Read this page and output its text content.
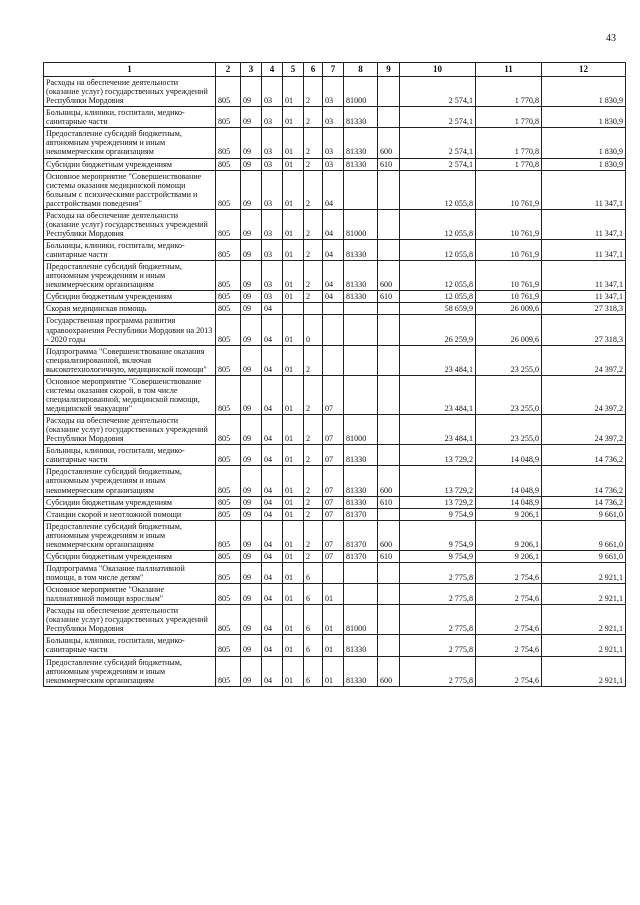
43
1	2	3	4	5	6	7	8	9	10	11	12
Расходы на обеспечение деятельности (оказание услуг) государственных учреждений Республики Мордовия	805	09	03	01	2	03	81000		2 574,1	1 770,8	1 830,9
Больницы, клиники, госпитали, медико-санитарные части	805	09	03	01	2	03	81330		2 574,1	1 770,8	1 830,9
Предоставление субсидий бюджетным, автономным учреждениям и иным некоммерческим организациям	805	09	03	01	2	03	81330	600	2 574,1	1 770,8	1 830,9
Субсидии бюджетным учреждениям	805	09	03	01	2	03	81330	610	2 574,1	1 770,8	1 830,9
Основное мероприятие "Совершенствование системы оказания медицинской помощи больным с психическими расстройствами и расстройствами поведения"	805	09	03	01	2	04			12 055,8	10 761,9	11 347,1
Расходы на обеспечение деятельности (оказание услуг) государственных учреждений Республики Мордовия	805	09	03	01	2	04	81000		12 055,8	10 761,9	11 347,1
Больницы, клиники, госпитали, медико-санитарные части	805	09	03	01	2	04	81330		12 055,8	10 761,9	11 347,1
Предоставление субсидий бюджетным, автономным учреждениям и иным некоммерческим организациям	805	09	03	01	2	04	81330	600	12 055,8	10 761,9	11 347,1
Субсидии бюджетным учреждениям	805	09	03	01	2	04	81330	610	12 055,8	10 761,9	11 347,1
Скорая медицинская помощь	805	09	04						58 659,9	26 009,6	27 318,3
Государственная программа развития здравоохранения Республики Мордовия на 2013 - 2020 годы	805	09	04	01	0				26 259,9	26 009,6	27 318,3
Подпрограмма "Совершенствование оказания специализированной, включая высокотехнологичную, медицинской помощи"	805	09	04	01	2				23 484,1	23 255,0	24 397,2
Основное мероприятие "Совершенствование системы оказания скорой, в том числе специализированной, медицинской помощи, медицинской эвакуации"	805	09	04	01	2	07			23 484,1	23 255,0	24 397,2
Расходы на обеспечение деятельности (оказание услуг) государственных учреждений Республики Мордовия	805	09	04	01	2	07	81000		23 484,1	23 255,0	24 397,2
Больницы, клиники, госпитали, медико-санитарные части	805	09	04	01	2	07	81330		13 729,2	14 048,9	14 736,2
Предоставление субсидий бюджетным, автономным учреждениям и иным некоммерческим организациям	805	09	04	01	2	07	81330	600	13 729,2	14 048,9	14 736,2
Субсидии бюджетным учреждениям	805	09	04	01	2	07	81330	610	13 729,2	14 048,9	14 736,2
Станции скорой и неотложной помощи	805	09	04	01	2	07	81370		9 754,9	9 206,1	9 661,0
Предоставление субсидий бюджетным, автономным учреждениям и иным некоммерческим организациям	805	09	04	01	2	07	81370	600	9 754,9	9 206,1	9 661,0
Субсидии бюджетным учреждениям	805	09	04	01	2	07	81370	610	9 754,9	9 206,1	9 661,0
Подпрограмма "Оказание паллиативной помощи, в том числе детям"	805	09	04	01	6				2 775,8	2 754,6	2 921,1
Основное мероприятие "Оказание паллиативной помощи взрослым"	805	09	04	01	6	01			2 775,8	2 754,6	2 921,1
Расходы на обеспечение деятельности (оказание услуг) государственных учреждений Республики Мордовия	805	09	04	01	6	01	81000		2 775,8	2 754,6	2 921,1
Больницы, клиники, госпитали, медико-санитарные части	805	09	04	01	6	01	81330		2 775,8	2 754,6	2 921,1
Предоставление субсидий бюджетным, автономным учреждениям и иным некоммерческим организациям	805	09	04	01	6	01	81330	600	2 775,8	2 754,6	2 921,1
